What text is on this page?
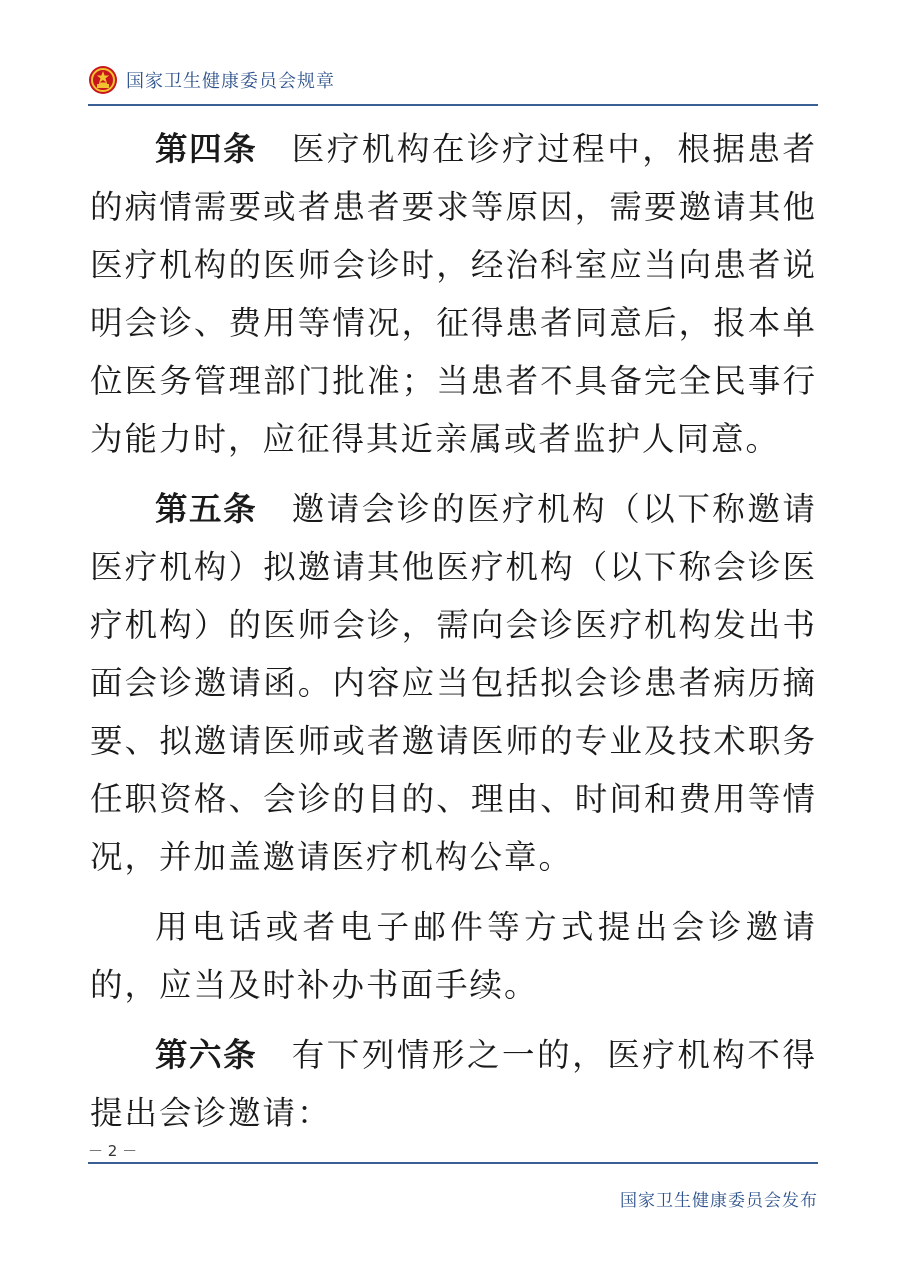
国家卫生健康委员会规章

第四条 医疗机构在诊疗过程中，根据患者的病情需要或者患者要求等原因，需要邀请其他医疗机构的医师会诊时，经治科室应当向患者说明会诊、费用等情况，征得患者同意后，报本单位医务管理部门批准；当患者不具备完全民事行为能力时，应征得其近亲属或者监护人同意。

第五条 邀请会诊的医疗机构（以下称邀请医疗机构）拟邀请其他医疗机构（以下称会诊医疗机构）的医师会诊，需向会诊医疗机构发出书面会诊邀请函。内容应当包括拟会诊患者病历摘要、拟邀请医师或者邀请医师的专业及技术职务任职资格、会诊的目的、理由、时间和费用等情况，并加盖邀请医疗机构公章。

用电话或者电子邮件等方式提出会诊邀请的，应当及时补办书面手续。

第六条 有下列情形之一的，医疗机构不得提出会诊邀请：

－ 2 －
国家卫生健康委员会发布
